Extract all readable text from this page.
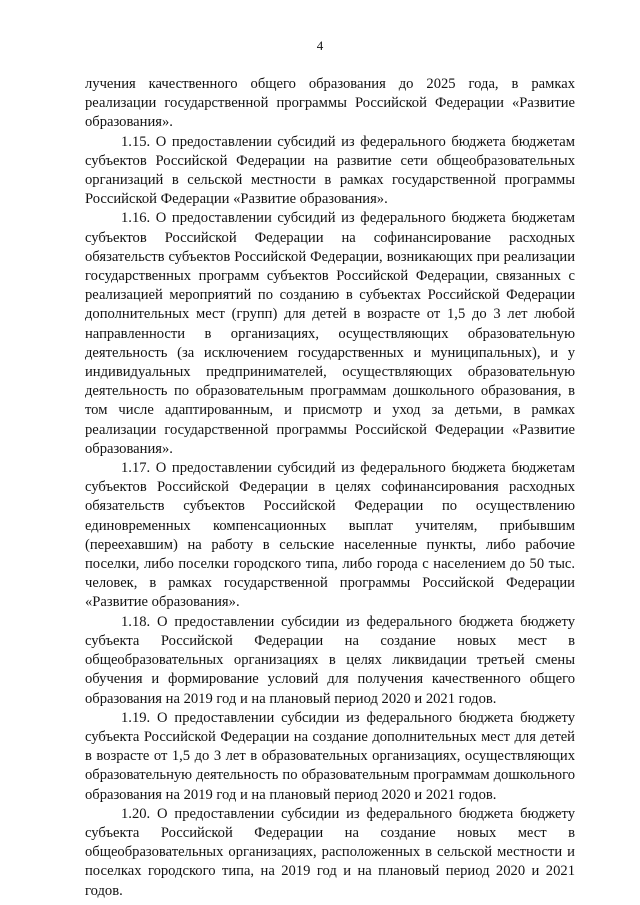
4

лучения качественного общего образования до 2025 года, в рамках реализации государственной программы Российской Федерации «Развитие образования».

1.15. О предоставлении субсидий из федерального бюджета бюджетам субъектов Российской Федерации на развитие сети общеобразовательных организаций в сельской местности в рамках государственной программы Российской Федерации «Развитие образования».

1.16. О предоставлении субсидий из федерального бюджета бюджетам субъектов Российской Федерации на софинансирование расходных обязательств субъектов Российской Федерации, возникающих при реализации государственных программ субъектов Российской Федерации, связанных с реализацией мероприятий по созданию в субъектах Российской Федерации дополнительных мест (групп) для детей в возрасте от 1,5 до 3 лет любой направленности в организациях, осуществляющих образовательную деятельность (за исключением государственных и муниципальных), и у индивидуальных предпринимателей, осуществляющих образовательную деятельность по образовательным программам дошкольного образования, в том числе адаптированным, и присмотр и уход за детьми, в рамках реализации государственной программы Российской Федерации «Развитие образования».

1.17. О предоставлении субсидий из федерального бюджета бюджетам субъектов Российской Федерации в целях софинансирования расходных обязательств субъектов Российской Федерации по осуществлению единовременных компенсационных выплат учителям, прибывшим (переехавшим) на работу в сельские населенные пункты, либо рабочие поселки, либо поселки городского типа, либо города с населением до 50 тыс. человек, в рамках государственной программы Российской Федерации «Развитие образования».

1.18. О предоставлении субсидии из федерального бюджета бюджету субъекта Российской Федерации на создание новых мест в общеобразовательных организациях в целях ликвидации третьей смены обучения и формирование условий для получения качественного общего образования на 2019 год и на плановый период 2020 и 2021 годов.

1.19. О предоставлении субсидии из федерального бюджета бюджету субъекта Российской Федерации на создание дополнительных мест для детей в возрасте от 1,5 до 3 лет в образовательных организациях, осуществляющих образовательную деятельность по образовательным программам дошкольного образования на 2019 год и на плановый период 2020 и 2021 годов.

1.20. О предоставлении субсидии из федерального бюджета бюджету субъекта Российской Федерации на создание новых мест в общеобразовательных организациях, расположенных в сельской местности и поселках городского типа, на 2019 год и на плановый период 2020 и 2021 годов.
